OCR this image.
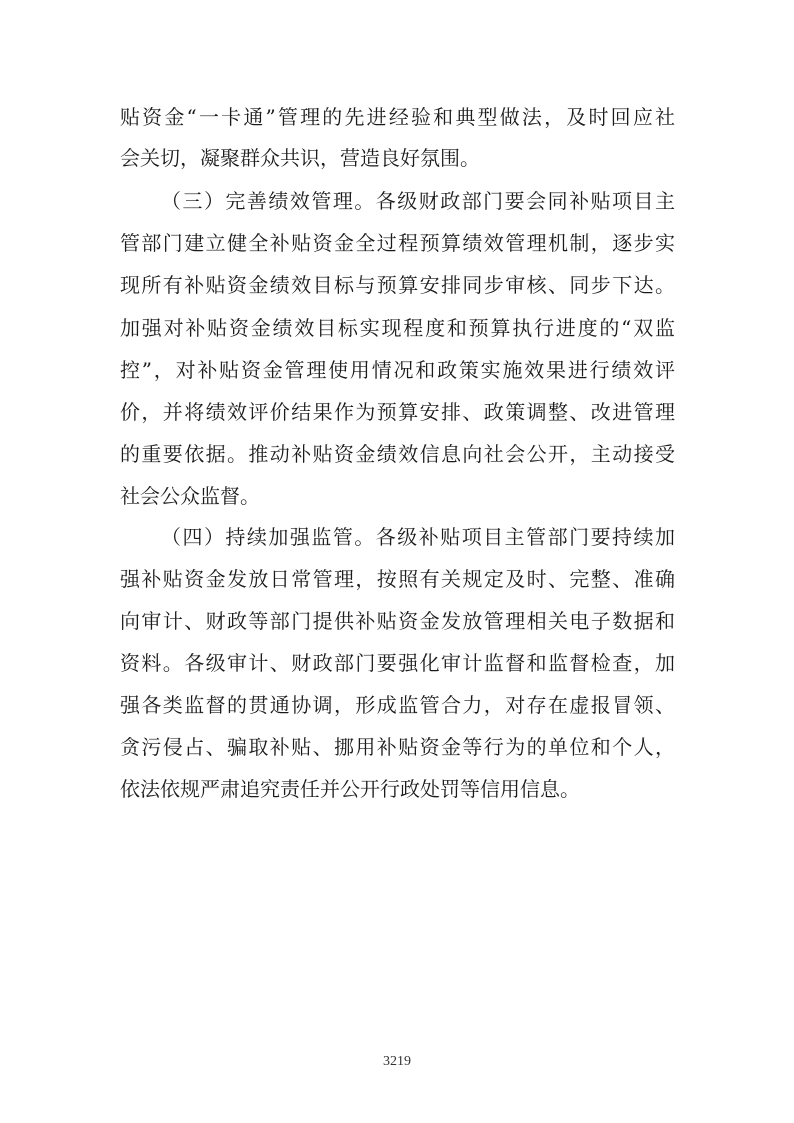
贴资金“一卡通”管理的先进经验和典型做法，及时回应社
会关切，凝聚群众共识，营造良好氛围。
（三）完善绩效管理。各级财政部门要会同补贴项目主
管部门建立健全补贴资金全过程预算绩效管理机制，逐步实
现所有补贴资金绩效目标与预算安排同步审核、同步下达。
加强对补贴资金绩效目标实现程度和预算执行进度的“双监
控”，对补贴资金管理使用情况和政策实施效果进行绩效评
价，并将绩效评价结果作为预算安排、政策调整、改进管理
的重要依据。推动补贴资金绩效信息向社会公开，主动接受
社会公众监督。
（四）持续加强监管。各级补贴项目主管部门要持续加
强补贴资金发放日常管理，按照有关规定及时、完整、准确
向审计、财政等部门提供补贴资金发放管理相关电子数据和
资料。各级审计、财政部门要强化审计监督和监督检查，加
强各类监督的贯通协调，形成监管合力，对存在虚报冒领、
贪污侵占、骗取补贴、挪用补贴资金等行为的单位和个人，
依法依规严肃追究责任并公开行政处罚等信用信息。
3219
